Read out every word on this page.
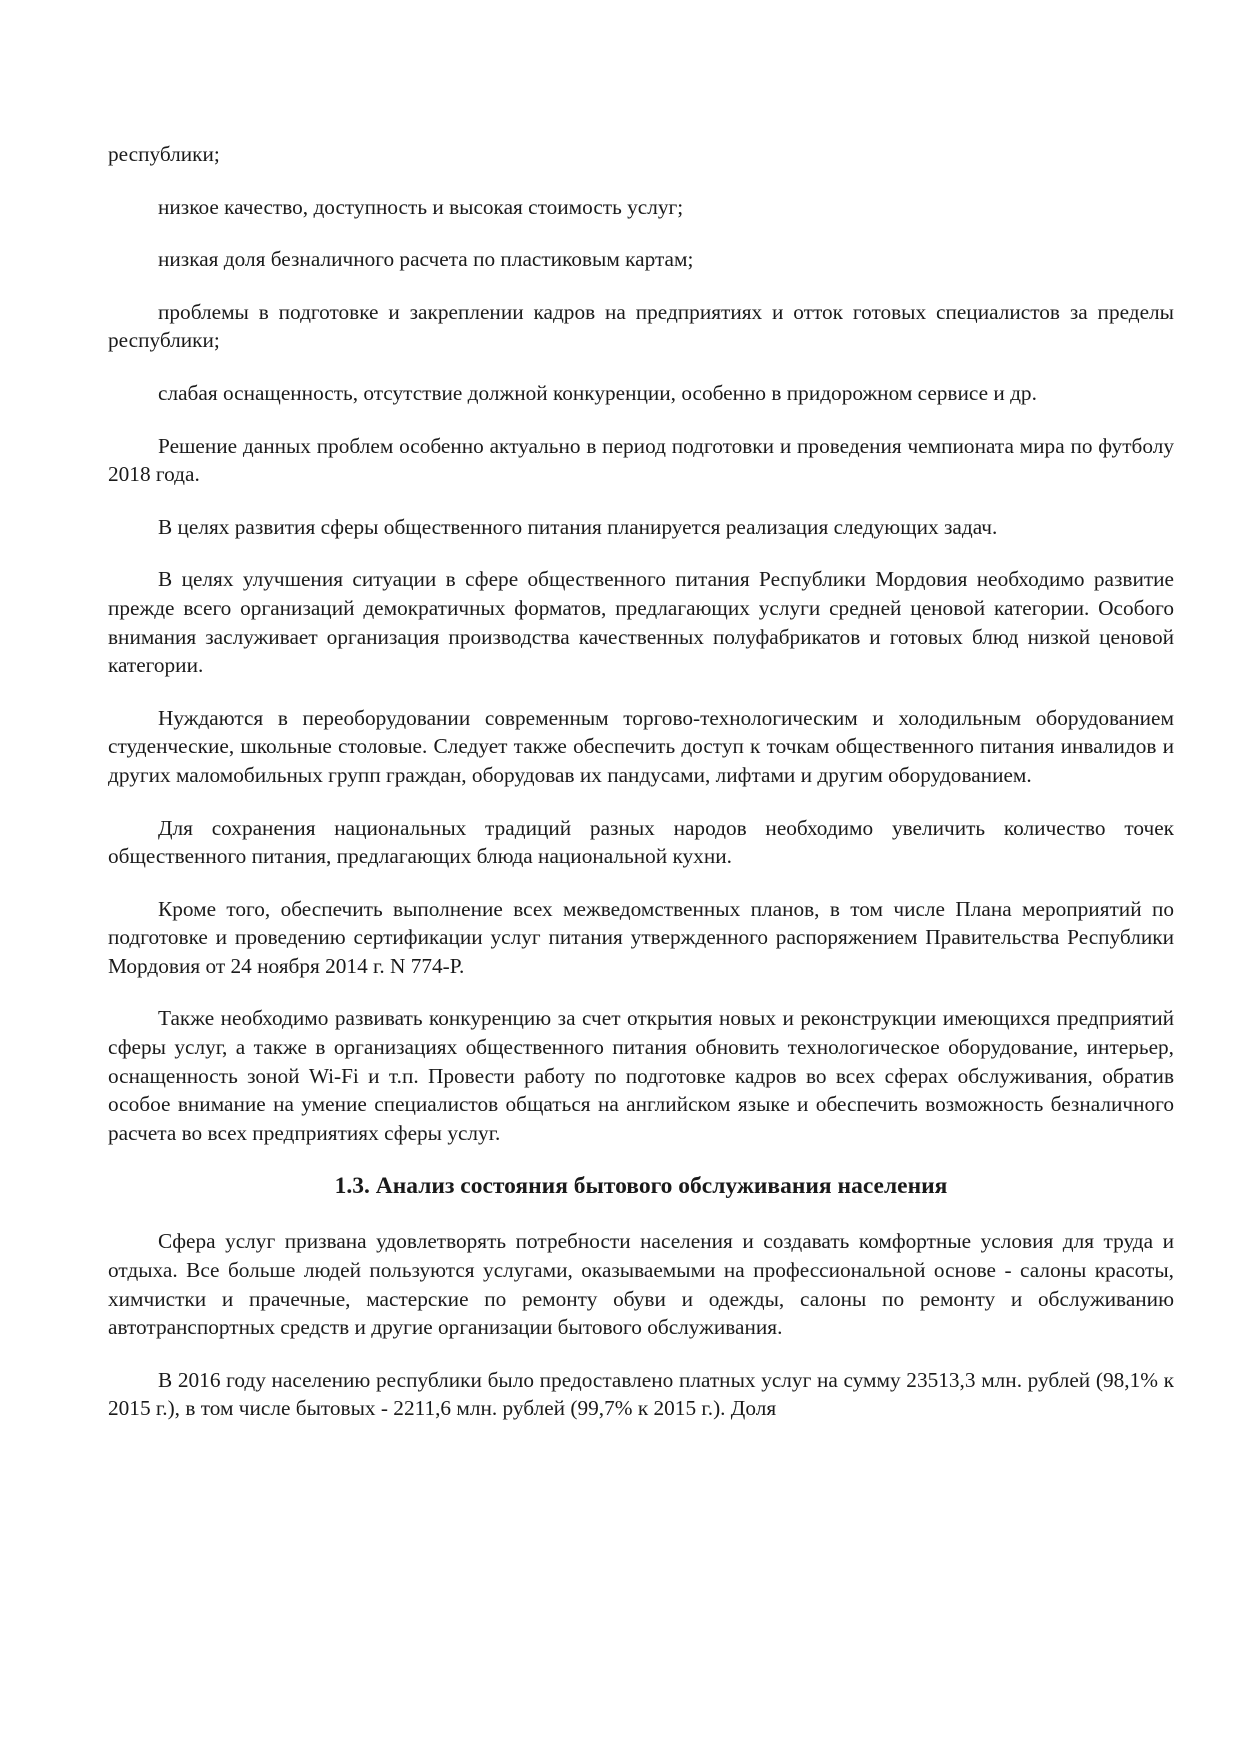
республики;

низкое качество, доступность и высокая стоимость услуг;

низкая доля безналичного расчета по пластиковым картам;

проблемы в подготовке и закреплении кадров на предприятиях и отток готовых специалистов за пределы республики;

слабая оснащенность, отсутствие должной конкуренции, особенно в придорожном сервисе и др.

Решение данных проблем особенно актуально в период подготовки и проведения чемпионата мира по футболу 2018 года.

В целях развития сферы общественного питания планируется реализация следующих задач.

В целях улучшения ситуации в сфере общественного питания Республики Мордовия необходимо развитие прежде всего организаций демократичных форматов, предлагающих услуги средней ценовой категории. Особого внимания заслуживает организация производства качественных полуфабрикатов и готовых блюд низкой ценовой категории.

Нуждаются в переоборудовании современным торгово-технологическим и холодильным оборудованием студенческие, школьные столовые. Следует также обеспечить доступ к точкам общественного питания инвалидов и других маломобильных групп граждан, оборудовав их пандусами, лифтами и другим оборудованием.

Для сохранения национальных традиций разных народов необходимо увеличить количество точек общественного питания, предлагающих блюда национальной кухни.

Кроме того, обеспечить выполнение всех межведомственных планов, в том числе Плана мероприятий по подготовке и проведению сертификации услуг питания утвержденного распоряжением Правительства Республики Мордовия от 24 ноября 2014 г. N 774-Р.

Также необходимо развивать конкуренцию за счет открытия новых и реконструкции имеющихся предприятий сферы услуг, а также в организациях общественного питания обновить технологическое оборудование, интерьер, оснащенность зоной Wi-Fi и т.п. Провести работу по подготовке кадров во всех сферах обслуживания, обратив особое внимание на умение специалистов общаться на английском языке и обеспечить возможность безналичного расчета во всех предприятиях сферы услуг.

1.3. Анализ состояния бытового обслуживания населения

Сфера услуг призвана удовлетворять потребности населения и создавать комфортные условия для труда и отдыха. Все больше людей пользуются услугами, оказываемыми на профессиональной основе - салоны красоты, химчистки и прачечные, мастерские по ремонту обуви и одежды, салоны по ремонту и обслуживанию автотранспортных средств и другие организации бытового обслуживания.

В 2016 году населению республики было предоставлено платных услуг на сумму 23513,3 млн. рублей (98,1% к 2015 г.), в том числе бытовых - 2211,6 млн. рублей (99,7% к 2015 г.). Доля
